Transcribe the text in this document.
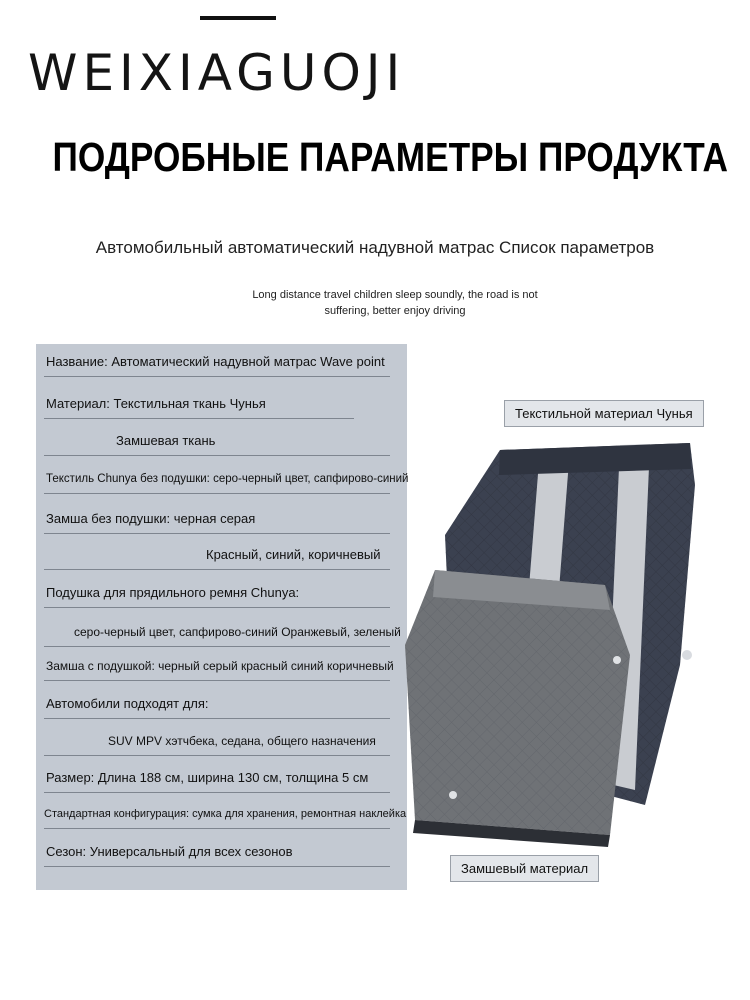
WEIXIAGUOJI
ПОДРОБНЫЕ ПАРАМЕТРЫ ПРОДУКТА
Автомобильный автоматический надувной матрас Список параметров
Long distance travel children sleep soundly, the road is not suffering, better enjoy driving
Название: Автоматический надувной матрас Wave point
Материал: Текстильная ткань Чунья
Замшевая ткань
Текстиль Chunya без подушки: серо-черный цвет, сапфирово-синий
Замша без подушки: черная серая
Красный, синий, коричневый
Подушка для прядильного ремня Chunya:
серо-черный цвет, сапфирово-синий Оранжевый, зеленый
Замша с подушкой: черный серый красный синий коричневый
Автомобили подходят для:
SUV MPV хэтчбека, седана, общего назначения
Размер: Длина 188 см, ширина 130 см, толщина 5 см
Стандартная конфигурация: сумка для хранения, ремонтная наклейка
Сезон: Универсальный для всех сезонов
Текстильной материал Чунья
Замшевый материал
